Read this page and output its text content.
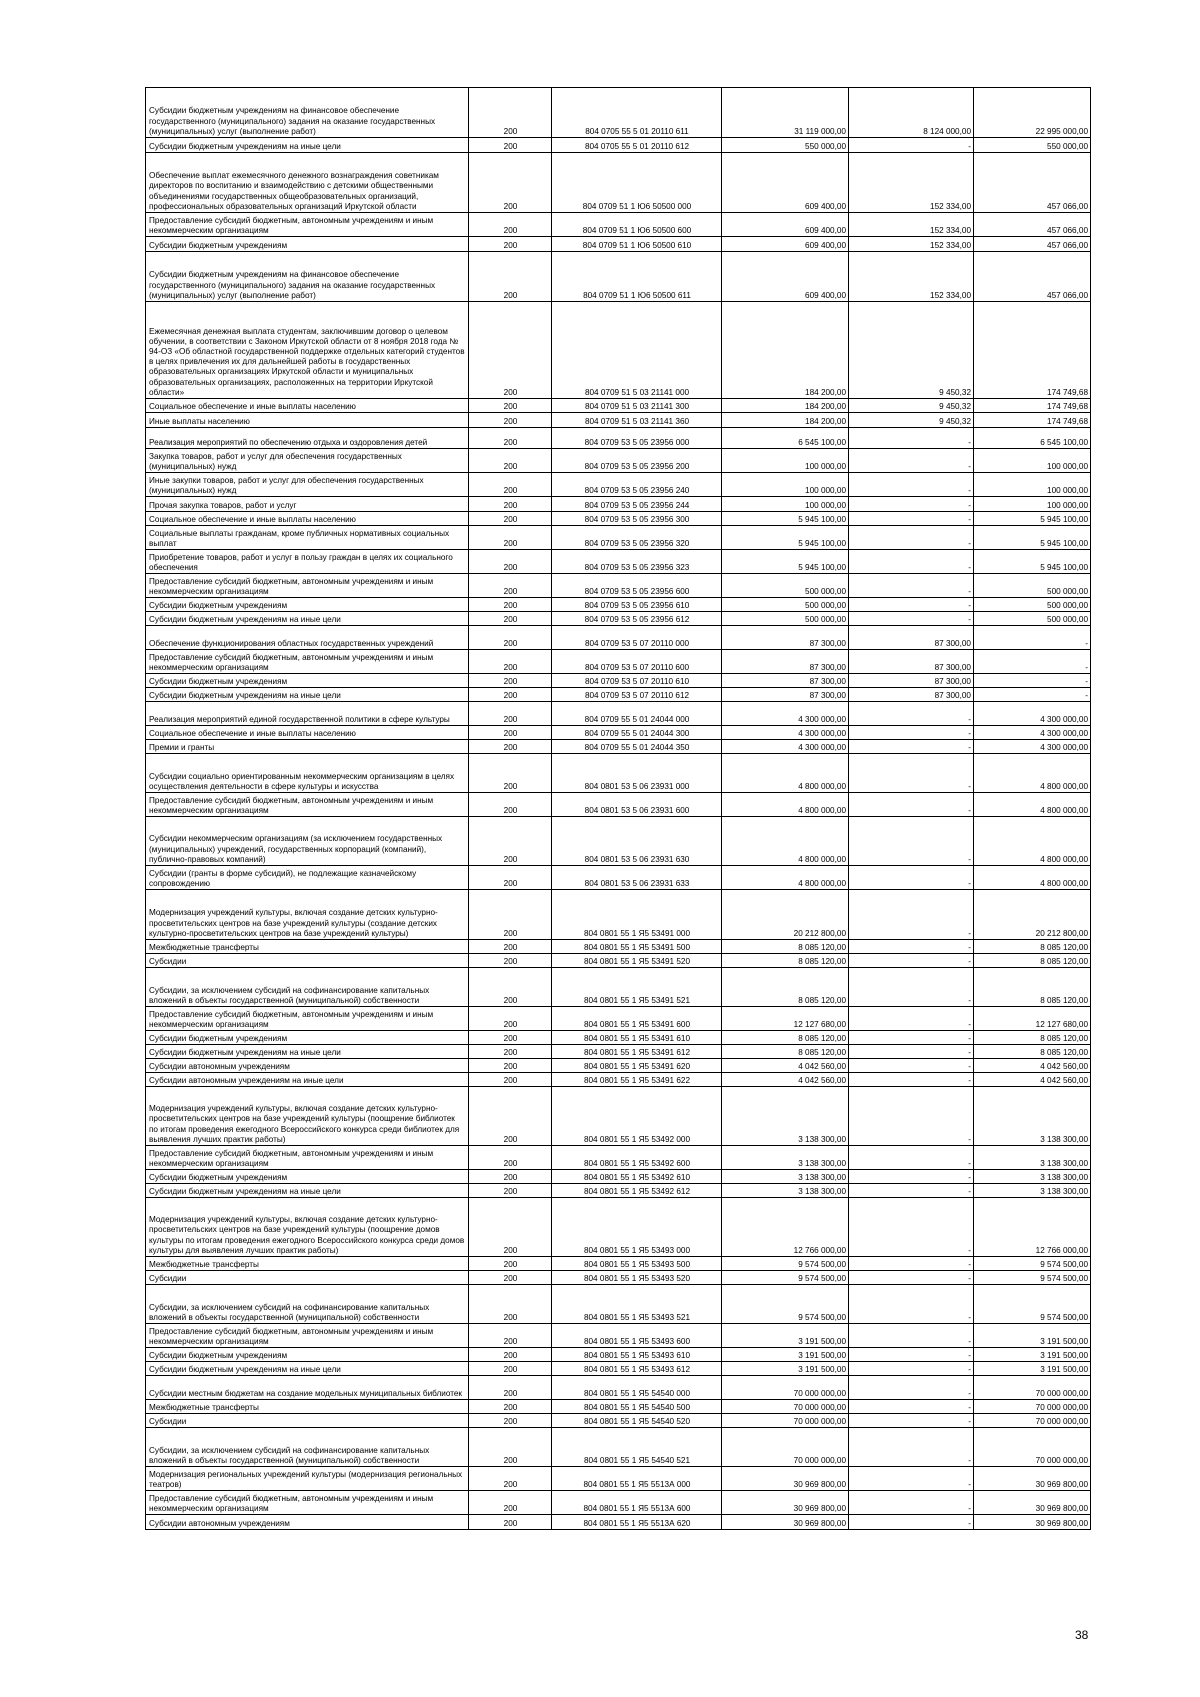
Субсидии бюджетным учреждениям на финансовое обеспечение государственного (муниципального) задания на оказание государственных (муниципальных) услуг (выполнение работ)	200	804 0705 55 5 01 20110 611	31 119 000,00	8 124 000,00	22 995 000,00
Субсидии бюджетным учреждениям на иные цели	200	804 0705 55 5 01 20110 612	550 000,00	-	550 000,00
Обеспечение выплат ежемесячного денежного вознаграждения советникам директоров по воспитанию и взаимодействию с детскими общественными объединениями государственных общеобразовательных организаций, профессиональных образовательных организаций Иркутской области	200	804 0709 51 1 Ю6 50500 000	609 400,00	152 334,00	457 066,00
Предоставление субсидий бюджетным, автономным учреждениям и иным некоммерческим организациям	200	804 0709 51 1 Ю6 50500 600	609 400,00	152 334,00	457 066,00
Субсидии бюджетным учреждениям	200	804 0709 51 1 Ю6 50500 610	609 400,00	152 334,00	457 066,00
Субсидии бюджетным учреждениям на финансовое обеспечение государственного (муниципального) задания на оказание государственных (муниципальных) услуг (выполнение работ)	200	804 0709 51 1 Ю6 50500 611	609 400,00	152 334,00	457 066,00
Ежемесячная денежная выплата студентам, заключившим договор о целевом обучении, в соответствии с Законом Иркутской области от 8 ноября 2018 года № 94-ОЗ «Об областной государственной поддержке отдельных категорий студентов в целях привлечения их для дальнейшей работы в государственных образовательных организациях Иркутской области и муниципальных образовательных организациях, расположенных на территории Иркутской области»	200	804 0709 51 5 03 21141 000	184 200,00	9 450,32	174 749,68
Социальное обеспечение и иные выплаты населению	200	804 0709 51 5 03 21141 300	184 200,00	9 450,32	174 749,68
Иные выплаты населению	200	804 0709 51 5 03 21141 360	184 200,00	9 450,32	174 749,68
Реализация мероприятий по обеспечению отдыха и оздоровления детей	200	804 0709 53 5 05 23956 000	6 545 100,00	-	6 545 100,00
Закупка товаров, работ и услуг для обеспечения государственных (муниципальных) нужд	200	804 0709 53 5 05 23956 200	100 000,00	-	100 000,00
Иные закупки товаров, работ и услуг для обеспечения государственных (муниципальных) нужд	200	804 0709 53 5 05 23956 240	100 000,00	-	100 000,00
Прочая закупка товаров, работ и услуг	200	804 0709 53 5 05 23956 244	100 000,00	-	100 000,00
Социальное обеспечение и иные выплаты населению	200	804 0709 53 5 05 23956 300	5 945 100,00	-	5 945 100,00
Социальные выплаты гражданам, кроме публичных нормативных социальных выплат	200	804 0709 53 5 05 23956 320	5 945 100,00	-	5 945 100,00
Приобретение товаров, работ и услуг в пользу граждан в целях их социального обеспечения	200	804 0709 53 5 05 23956 323	5 945 100,00	-	5 945 100,00
Предоставление субсидий бюджетным, автономным учреждениям и иным некоммерческим организациям	200	804 0709 53 5 05 23956 600	500 000,00	-	500 000,00
Субсидии бюджетным учреждениям	200	804 0709 53 5 05 23956 610	500 000,00	-	500 000,00
Субсидии бюджетным учреждениям на иные цели	200	804 0709 53 5 05 23956 612	500 000,00	-	500 000,00
Обеспечение функционирования областных государственных учреждений	200	804 0709 53 5 07 20110 000	87 300,00	87 300,00	-
Предоставление субсидий бюджетным, автономным учреждениям и иным некоммерческим организациям	200	804 0709 53 5 07 20110 600	87 300,00	87 300,00	-
Субсидии бюджетным учреждениям	200	804 0709 53 5 07 20110 610	87 300,00	87 300,00	-
Субсидии бюджетным учреждениям на иные цели	200	804 0709 53 5 07 20110 612	87 300,00	87 300,00	-
Реализация мероприятий единой государственной политики в сфере культуры	200	804 0709 55 5 01 24044 000	4 300 000,00	-	4 300 000,00
Социальное обеспечение и иные выплаты населению	200	804 0709 55 5 01 24044 300	4 300 000,00	-	4 300 000,00
Премии и гранты	200	804 0709 55 5 01 24044 350	4 300 000,00	-	4 300 000,00
Субсидии социально ориентированным некоммерческим организациям в целях осуществления деятельности в сфере культуры и искусства	200	804 0801 53 5 06 23931 000	4 800 000,00	-	4 800 000,00
Предоставление субсидий бюджетным, автономным учреждениям и иным некоммерческим организациям	200	804 0801 53 5 06 23931 600	4 800 000,00	-	4 800 000,00
Субсидии некоммерческим организациям (за исключением государственных (муниципальных) учреждений, государственных корпораций (компаний), публично-правовых компаний)	200	804 0801 53 5 06 23931 630	4 800 000,00	-	4 800 000,00
Субсидии (гранты в форме субсидий), не подлежащие казначейскому сопровождению	200	804 0801 53 5 06 23931 633	4 800 000,00	-	4 800 000,00
Модернизация учреждений культуры, включая создание детских культурно-просветительских центров на базе учреждений культуры (создание детских культурно-просветительских центров на базе учреждений культуры)	200	804 0801 55 1 Я5 53491 000	20 212 800,00	-	20 212 800,00
Межбюджетные трансферты	200	804 0801 55 1 Я5 53491 500	8 085 120,00	-	8 085 120,00
Субсидии	200	804 0801 55 1 Я5 53491 520	8 085 120,00	-	8 085 120,00
Субсидии, за исключением субсидий на софинансирование капитальных вложений в объекты государственной (муниципальной) собственности	200	804 0801 55 1 Я5 53491 521	8 085 120,00	-	8 085 120,00
Предоставление субсидий бюджетным, автономным учреждениям и иным некоммерческим организациям	200	804 0801 55 1 Я5 53491 600	12 127 680,00	-	12 127 680,00
Субсидии бюджетным учреждениям	200	804 0801 55 1 Я5 53491 610	8 085 120,00	-	8 085 120,00
Субсидии бюджетным учреждениям на иные цели	200	804 0801 55 1 Я5 53491 612	8 085 120,00	-	8 085 120,00
Субсидии автономным учреждениям	200	804 0801 55 1 Я5 53491 620	4 042 560,00	-	4 042 560,00
Субсидии автономным учреждениям на иные цели	200	804 0801 55 1 Я5 53491 622	4 042 560,00	-	4 042 560,00
Модернизация учреждений культуры, включая создание детских культурно-просветительских центров на базе учреждений культуры (поощрение библиотек по итогам проведения ежегодного Всероссийского конкурса среди библиотек для выявления лучших практик работы)	200	804 0801 55 1 Я5 53492 000	3 138 300,00	-	3 138 300,00
Предоставление субсидий бюджетным, автономным учреждениям и иным некоммерческим организациям	200	804 0801 55 1 Я5 53492 600	3 138 300,00	-	3 138 300,00
Субсидии бюджетным учреждениям	200	804 0801 55 1 Я5 53492 610	3 138 300,00	-	3 138 300,00
Субсидии бюджетным учреждениям на иные цели	200	804 0801 55 1 Я5 53492 612	3 138 300,00	-	3 138 300,00
Модернизация учреждений культуры, включая создание детских культурно-просветительских центров на базе учреждений культуры (поощрение домов культуры по итогам проведения ежегодного Всероссийского конкурса среди домов культуры для выявления лучших практик работы)	200	804 0801 55 1 Я5 53493 000	12 766 000,00	-	12 766 000,00
Межбюджетные трансферты	200	804 0801 55 1 Я5 53493 500	9 574 500,00	-	9 574 500,00
Субсидии	200	804 0801 55 1 Я5 53493 520	9 574 500,00	-	9 574 500,00
Субсидии, за исключением субсидий на софинансирование капитальных вложений в объекты государственной (муниципальной) собственности	200	804 0801 55 1 Я5 53493 521	9 574 500,00	-	9 574 500,00
Предоставление субсидий бюджетным, автономным учреждениям и иным некоммерческим организациям	200	804 0801 55 1 Я5 53493 600	3 191 500,00	-	3 191 500,00
Субсидии бюджетным учреждениям	200	804 0801 55 1 Я5 53493 610	3 191 500,00	-	3 191 500,00
Субсидии бюджетным учреждениям на иные цели	200	804 0801 55 1 Я5 53493 612	3 191 500,00	-	3 191 500,00
Субсидии местным бюджетам на создание модельных муниципальных библиотек	200	804 0801 55 1 Я5 54540 000	70 000 000,00	-	70 000 000,00
Межбюджетные трансферты	200	804 0801 55 1 Я5 54540 500	70 000 000,00	-	70 000 000,00
Субсидии	200	804 0801 55 1 Я5 54540 520	70 000 000,00	-	70 000 000,00
Субсидии, за исключением субсидий на софинансирование капитальных вложений в объекты государственной (муниципальной) собственности	200	804 0801 55 1 Я5 54540 521	70 000 000,00	-	70 000 000,00
Модернизация региональных учреждений культуры (модернизация региональных театров)	200	804 0801 55 1 Я5 5513А 000	30 969 800,00	-	30 969 800,00
Предоставление субсидий бюджетным, автономным учреждениям и иным некоммерческим организациям	200	804 0801 55 1 Я5 5513А 600	30 969 800,00	-	30 969 800,00
Субсидии автономным учреждениям	200	804 0801 55 1 Я5 5513А 620	30 969 800,00	-	30 969 800,00
38
